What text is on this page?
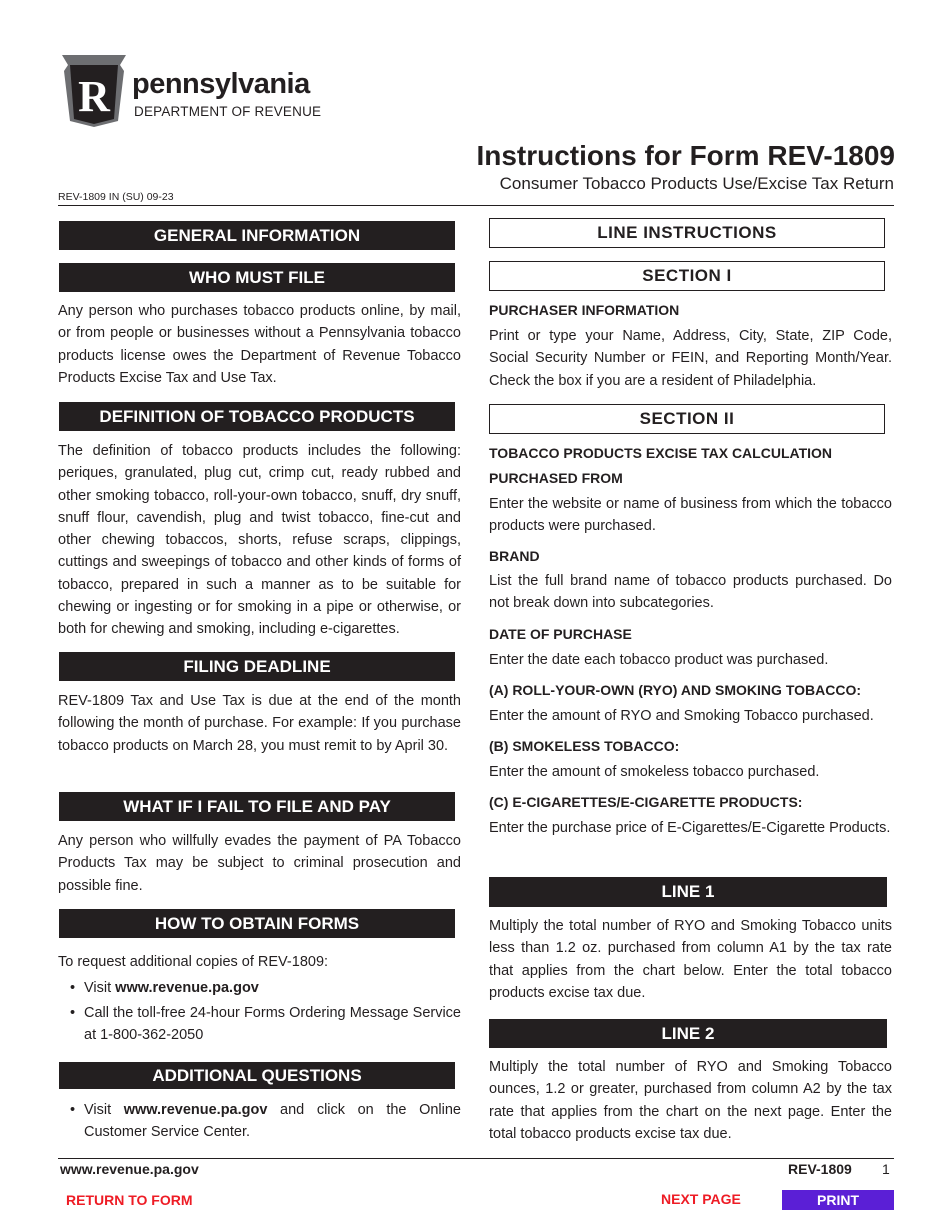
R pennsylvania
DEPARTMENT OF REVENUE
Instructions for Form REV-1809
Consumer Tobacco Products Use/Excise Tax Return
REV-1809 IN (SU) 09-23
GENERAL INFORMATION
WHO MUST FILE

Any person who purchases tobacco products online, by mail, or from people or businesses without a Pennsylvania tobacco products license owes the Department of Revenue Tobacco Products Excise Tax and Use Tax.

DEFINITION OF TOBACCO PRODUCTS

The definition of tobacco products includes the following: periques, granulated, plug cut, crimp cut, ready rubbed and other smoking tobacco, roll-your-own tobacco, snuff, dry snuff, snuff flour, cavendish, plug and twist tobacco, fine-cut and other chewing tobaccos, shorts, refuse scraps, clippings, cuttings and sweepings of tobacco and other kinds of forms of tobacco, prepared in such a manner as to be suitable for chewing or ingesting or for smoking in a pipe or otherwise, or both for chewing and smoking, including e-cigarettes.

FILING DEADLINE

REV-1809 Tax and Use Tax is due at the end of the month following the month of purchase. For example: If you purchase tobacco products on March 28, you must remit to by April 30.

WHAT IF I FAIL TO FILE AND PAY

Any person who willfully evades the payment of PA Tobacco Products Tax may be subject to criminal prosecution and possible fine.

HOW TO OBTAIN FORMS

To request additional copies of REV-1809:

• Visit www.revenue.pa.gov
• Call the toll-free 24-hour Forms Ordering Message Service at 1-800-362-2050
ADDITIONAL QUESTIONS
• Visit www.revenue.pa.gov and click on the Online Customer Service Center.
LINE INSTRUCTIONS
SECTION I
PURCHASER INFORMATION

Print or type your Name, Address, City, State, ZIP Code, Social Security Number or FEIN, and Reporting Month/Year. Check the box if you are a resident of Philadelphia.

SECTION II
TOBACCO PRODUCTS EXCISE TAX CALCULATION
PURCHASED FROM

Enter the website or name of business from which the tobacco products were purchased.

BRAND

List the full brand name of tobacco products purchased. Do not break down into subcategories.

DATE OF PURCHASE

Enter the date each tobacco product was purchased.

(A) ROLL-YOUR-OWN (RYO) AND SMOKING TOBACCO:

Enter the amount of RYO and Smoking Tobacco purchased.

(B) SMOKELESS TOBACCO:

Enter the amount of smokeless tobacco purchased.

(C) E-CIGARETTES/E-CIGARETTE PRODUCTS:

Enter the purchase price of E-Cigarettes/E-Cigarette Products.

LINE 1

Multiply the total number of RYO and Smoking Tobacco units less than 1.2 oz. purchased from column A1 by the tax rate that applies from the chart below. Enter the total tobacco products excise tax due.

LINE 2

Multiply the total number of RYO and Smoking Tobacco ounces, 1.2 or greater, purchased from column A2 by the tax rate that applies from the chart on the next page. Enter the total tobacco products excise tax due.

www.revenue.pa.gov	REV-1809 1
RETURN TO FORM	NEXT PAGE	PRINT
